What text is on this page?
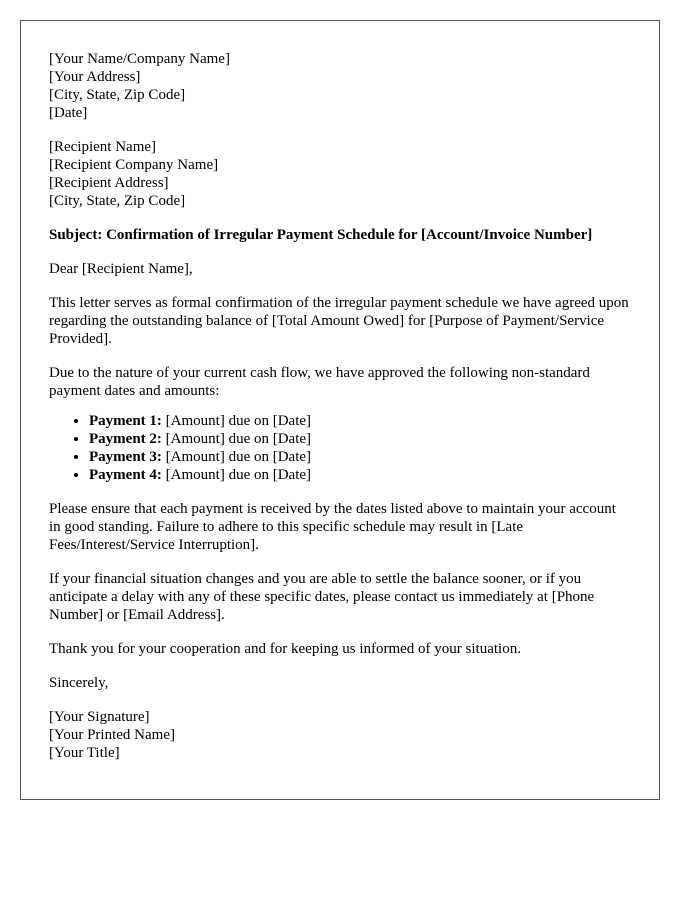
[Your Name/Company Name]
[Your Address]
[City, State, Zip Code]
[Date]
[Recipient Name]
[Recipient Company Name]
[Recipient Address]
[City, State, Zip Code]

Subject: Confirmation of Irregular Payment Schedule for [Account/Invoice Number]

Dear [Recipient Name],

This letter serves as formal confirmation of the irregular payment schedule we have agreed upon regarding the outstanding balance of [Total Amount Owed] for [Purpose of Payment/Service Provided].

Due to the nature of your current cash flow, we have approved the following non-standard payment dates and amounts:

• Payment 1: [Amount] due on [Date]
• Payment 2: [Amount] due on [Date]
• Payment 3: [Amount] due on [Date]
• Payment 4: [Amount] due on [Date]

Please ensure that each payment is received by the dates listed above to maintain your account in good standing. Failure to adhere to this specific schedule may result in [Late Fees/Interest/Service Interruption].

If your financial situation changes and you are able to settle the balance sooner, or if you anticipate a delay with any of these specific dates, please contact us immediately at [Phone Number] or [Email Address].

Thank you for your cooperation and for keeping us informed of your situation.

Sincerely,

[Your Signature]
[Your Printed Name]
[Your Title]
